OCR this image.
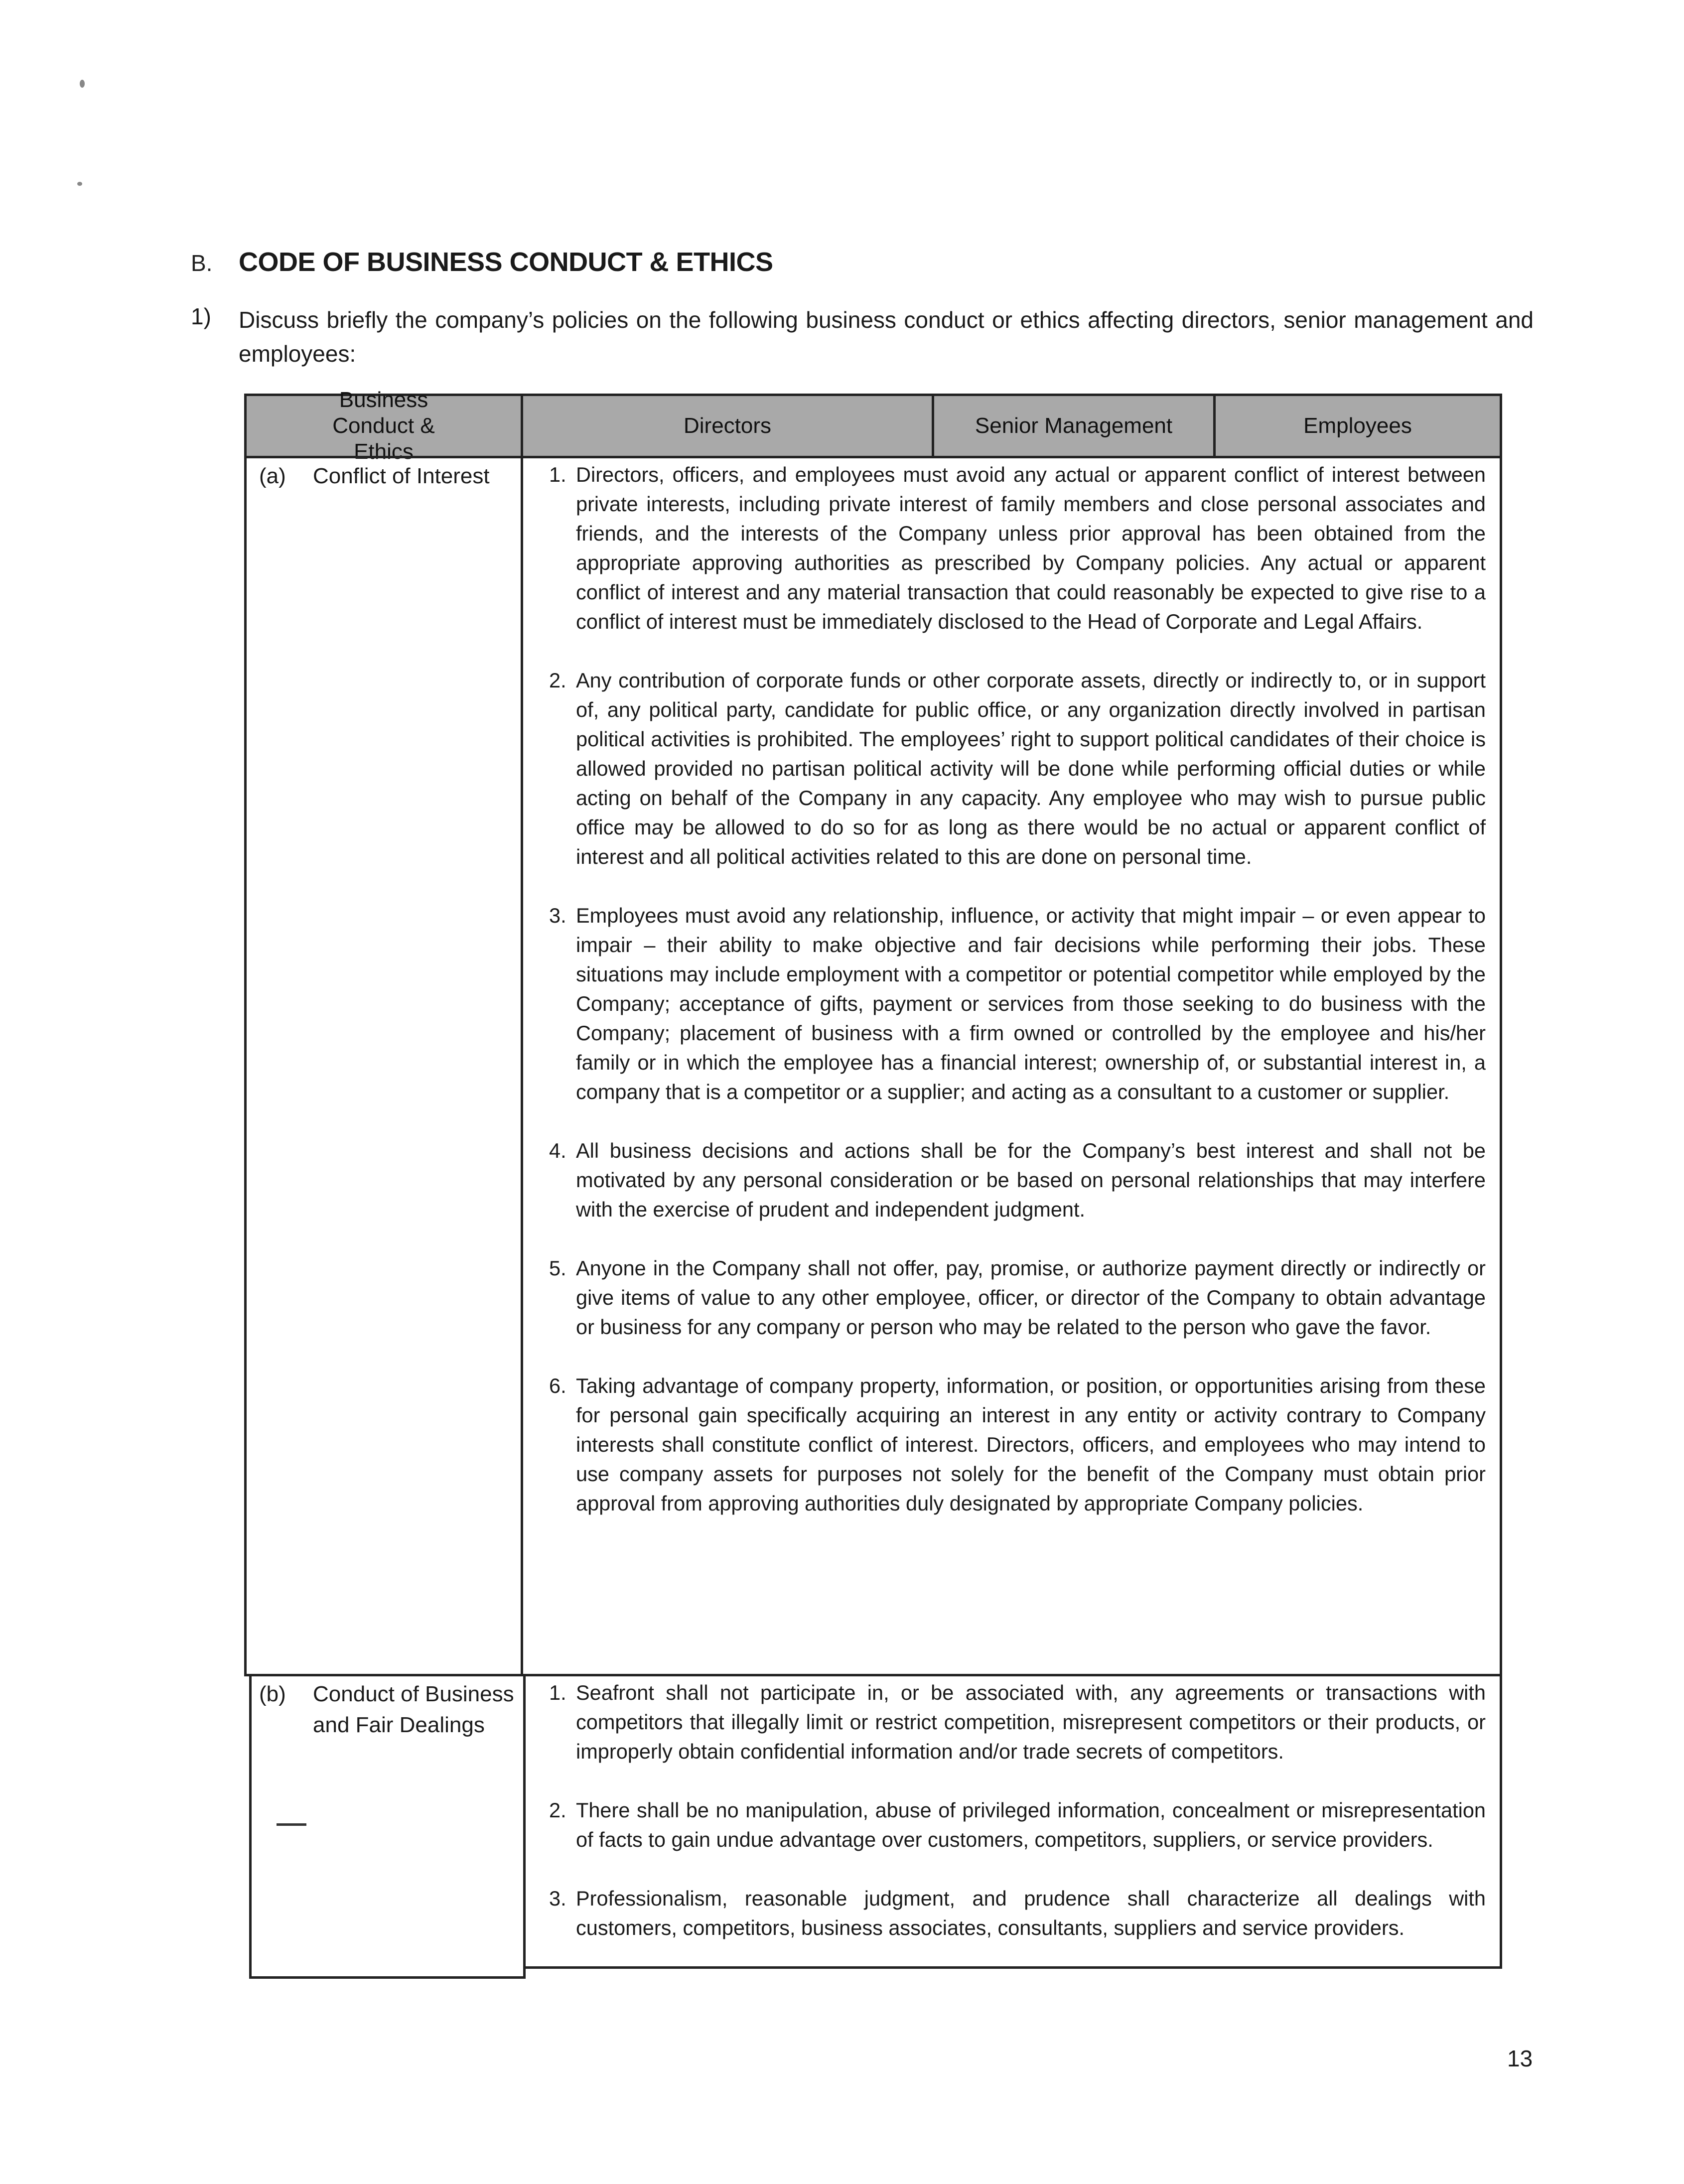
B. CODE OF BUSINESS CONDUCT & ETHICS
1)	Discuss briefly the company’s policies on the following business conduct or ethics affecting directors, senior management and employees:
Business Conduct & Ethics
Directors	Senior Management	Employees
(a)	Conflict of Interest	1. Directors, officers, and employees must avoid any actual or apparent conflict of interest between private interests, including private interest of family members and close personal associates and friends, and the interests of the Company unless prior approval has been obtained from the appropriate approving authorities as prescribed by Company policies. Any actual or apparent conflict of interest and any material transaction that could reasonably be expected to give rise to a conflict of interest must be immediately disclosed to the Head of Corporate and Legal Affairs.
2. Any contribution of corporate funds or other corporate assets, directly or indirectly to, or in support of, any political party, candidate for public office, or any organization directly involved in partisan political activities is prohibited. The employees’ right to support political candidates of their choice is allowed provided no partisan political activity will be done while performing official duties or while acting on behalf of the Company in any capacity. Any employee who may wish to pursue public office may be allowed to do so for as long as there would be no actual or apparent conflict of interest and all political activities related to this are done on personal time.
3. Employees must avoid any relationship, influence, or activity that might impair – or even appear to impair – their ability to make objective and fair decisions while performing their jobs. These situations may include employment with a competitor or potential competitor while employed by the Company; acceptance of gifts, payment or services from those seeking to do business with the Company; placement of business with a firm owned or controlled by the employee and his/her family or in which the employee has a financial interest; ownership of, or substantial interest in, a company that is a competitor or a supplier; and acting as a consultant to a customer or supplier.
4. All business decisions and actions shall be for the Company’s best interest and shall not be motivated by any personal consideration or be based on personal relationships that may interfere with the exercise of prudent and independent judgment.
5. Anyone in the Company shall not offer, pay, promise, or authorize payment directly or indirectly or give items of value to any other employee, officer, or director of the Company to obtain advantage or business for any company or person who may be related to the person who gave the favor.
6. Taking advantage of company property, information, or position, or opportunities arising from these for personal gain specifically acquiring an interest in any entity or activity contrary to Company interests shall constitute conflict of interest. Directors, officers, and employees who may intend to use company assets for purposes not solely for the benefit of the Company must obtain prior approval from approving authorities duly designated by appropriate Company policies.
(b)	Conduct of Business and Fair Dealings
1. Seafront shall not participate in, or be associated with, any agreements or transactions with competitors that illegally limit or restrict competition, misrepresent competitors or their products, or improperly obtain confidential information and/or trade secrets of competitors.
2. There shall be no manipulation, abuse of privileged information, concealment or misrepresentation of facts to gain undue advantage over customers, competitors, suppliers, or service providers.
3. Professionalism, reasonable judgment, and prudence shall characterize all dealings with customers, competitors, business associates, consultants, suppliers and service providers.
13
